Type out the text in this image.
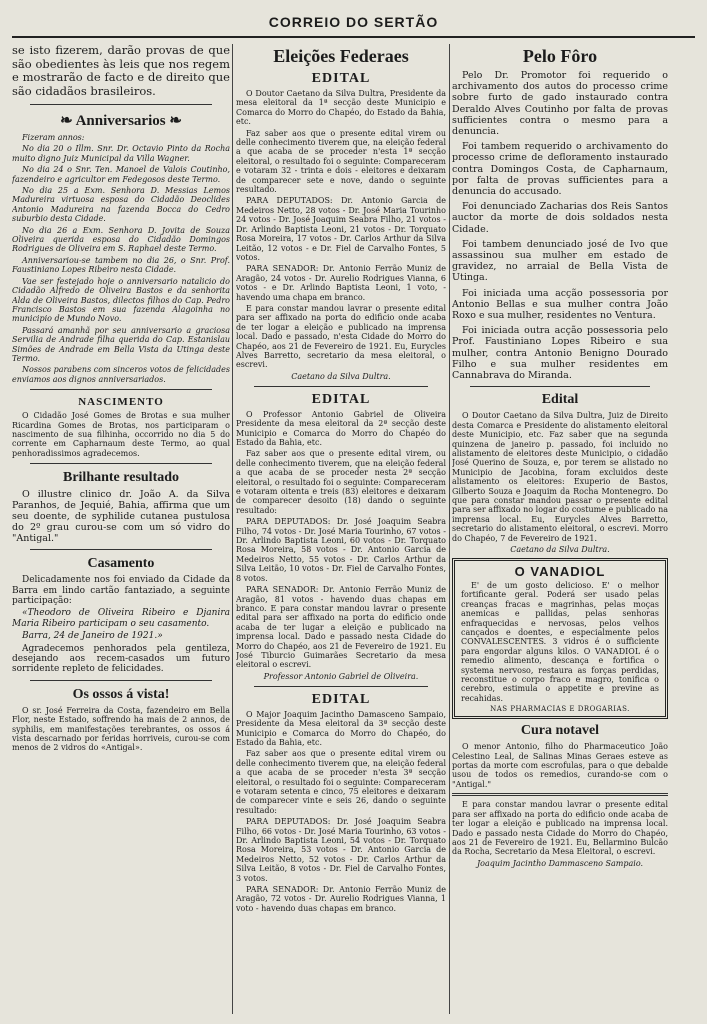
CORREIO DO SERTÃO

se isto fizerem, darão provas de que são obedientes às leis que nos regem e mostrarão de facto e de direito que são cidadãos brasileiros.

❧ Anniversarios ❧

Fizeram annos:

No dia 20 o Illm. Snr. Dr. Octavio Pinto da Rocha muito digno Juiz Municipal da Villa Wagner.

No dia 24 o Snr. Ten. Manoel de Valois Coutinho, fazendeiro e agricultor em Fedegosos deste Termo.

No dia 25 a Exm. Senhora D. Messias Lemos Madureira virtuosa esposa do Cidadão Deoclides Antonio Madureira na fazenda Bocca do Cedro suburbio desta Cidade.

No dia 26 a Exm. Senhora D. Jovita de Souza Oliveira querida esposa do Cidadão Domingos Rodrigues de Oliveira em S. Raphael deste Termo.

Anniversariou-se tambem no dia 26, o Snr. Prof. Faustiniano Lopes Ribeiro nesta Cidade.

Vae ser festejado hoje o anniversario natalicio do Cidadão Alfredo de Oliveira Bastos e da senhorita Alda de Oliveira Bastos, dilectos filhos do Cap. Pedro Francisco Bastos em sua fazenda Alagoinha no municipio de Mundo Novo.

Passará amanhã por seu anniversario a graciosa Servilia de Andrade filha querida do Cap. Estanislau Simões de Andrade em Bella Vista da Utinga deste Termo.

Nossos parabens com sinceros votos de felicidades enviamos aos dignos anniversariados.

NASCIMENTO

O Cidadão José Gomes de Brotas e sua mulher Ricardina Gomes de Brotas, nos participaram o nascimento de sua filhinha, occorrido no dia 5 do corrente em Capharnaum deste Termo, ao qual penhoradissimos agradecemos.

Brilhante resultado

O illustre clinico dr. João A. da Silva Paranhos, de Jequié, Bahia, affirma que um seu doente, de syphilide cutanea pustulosa do 2º grau curou-se com um só vidro do "Antigal."

Casamento

Delicadamente nos foi enviado da Cidade da Barra em lindo cartão fantaziado, a seguinte participação:

«Theodoro de Oliveira Ribeiro e Djanira Maria Ribeiro participam o seu casamento.

Barra, 24 de Janeiro de 1921.»

Agradecemos penhorados pela gentileza, desejando aos recem-casados um futuro sorridente repleto de felicidades.

Os ossos á vista!

O sr. José Ferreira da Costa, fazendeiro em Bella Flor, neste Estado, soffrendo ha mais de 2 annos, de syphilis, em manifestações terebrantes, os ossos á vista descarnado por feridas horriveis, curou-se com menos de 2 vidros do «Antigal».

Eleições Federaes
EDITAL

O Doutor Caetano da Silva Dultra, Presidente da mesa eleitoral da 1ª secção deste Municipio e Comarca do Morro do Chapéo, do Estado da Bahia, etc.

Faz saber aos que o presente edital virem ou delle conhecimento tiverem que, na eleição federal a que acaba de se proceder n'esta 1ª secção eleitoral, o resultado foi o seguinte: Compareceram e votaram 32 - trinta e dois - eleitores e deixaram de comparecer sete e nove, dando o seguinte resultado.

PARA DEPUTADOS: Dr. Antonio Garcia de Medeiros Netto, 28 votos - Dr. José Maria Tourinho 24 votos - Dr. José Joaquim Seabra Filho, 21 votos - Dr. Arlindo Baptista Leoni, 21 votos - Dr. Torquato Rosa Moreira, 17 votos - Dr. Carlos Arthur da Silva Leitão, 12 votos - e Dr. Fiel de Carvalho Fontes, 5 votos.

PARA SENADOR: Dr. Antonio Ferrão Muniz de Aragão, 24 votos - Dr. Aurelio Rodrigues Vianna, 6 votos - e Dr. Arlindo Baptista Leoni, 1 voto, - havendo uma chapa em branco.

E para constar mandou lavrar o presente edital para ser affixado na porta do edificio onde acaba de ter logar a eleição e publicado na imprensa local. Dado e passado, n'esta Cidade do Morro do Chapéo, aos 21 de Fevereiro de 1921. Eu, Eurycles Alves Barretto, secretario da mesa eleitoral, o escrevi.

Caetano da Silva Dultra.
EDITAL

O Professor Antonio Gabriel de Oliveira Presidente da mesa eleitoral da 2ª secção deste Municipio e Comarca do Morro do Chapéo do Estado da Bahia, etc.

Faz saber aos que o presente edital virem, ou delle conhecimento tiverem, que na eleição federal a que acaba de se proceder nesta 2ª secção eleitoral, o resultado foi o seguinte: Compareceram e votaram oitenta e treis (83) eleitores e deixaram de comparecer desoito (18) dando o seguinte resultado:

PARA DEPUTADOS: Dr. José Joaquim Seabra Filho, 74 votos - Dr. José Maria Tourinho, 67 votos - Dr. Arlindo Baptista Leoni, 60 votos - Dr. Torquato Rosa Moreira, 58 votos - Dr. Antonio Garcia de Medeiros Netto, 55 votos - Dr. Carlos Arthur da Silva Leitão, 10 votos - Dr. Fiel de Carvalho Fontes, 8 votos.

PARA SENADOR: Dr. Antonio Ferrão Muniz de Aragão, 81 votos - havendo duas chapas em branco. E para constar mandou lavrar o presente edital para ser affixado na porta do edificio onde acaba de ter lugar a eleição e publicado na imprensa local. Dado e passado nesta Cidade do Morro do Chapéo, aos 21 de Fevereiro de 1921. Eu José Tiburcio Guimarães Secretario da mesa eleitoral o escrevi.

Professor Antonio Gabriel de Oliveira.
EDITAL

O Major Joaquim Jacintho Damasceno Sampaio, Presidente da Mesa eleitoral da 3ª secção deste Municipio e Comarca do Morro do Chapéo, do Estado da Bahia, etc.

Faz saber aos que o presente edital virem ou delle conhecimento tiverem que, na eleição federal a que acaba de se proceder n'esta 3ª secção eleitoral, o resultado foi o seguinte: Compareceram e votaram setenta e cinco, 75 eleitores e deixaram de comparecer vinte e seis 26, dando o seguinte resultado:

PARA DEPUTADOS: Dr. José Joaquim Seabra Filho, 66 votos - Dr. José Maria Tourinho, 63 votos - Dr. Arlindo Baptista Leoni, 54 votos - Dr. Torquato Rosa Moreira, 53 votos - Dr. Antonio Garcia de Medeiros Netto, 52 votos - Dr. Carlos Arthur da Silva Leitão, 8 votos - Dr. Fiel de Carvalho Fontes, 3 votos.

PARA SENADOR: Dr. Antonio Ferrão Muniz de Aragão, 72 votos - Dr. Aurelio Rodrigues Vianna, 1 voto - havendo duas chapas em branco.

Pelo Fôro

Pelo Dr. Promotor foi requerido o archivamento dos autos do processo crime sobre furto de gado instaurado contra Deraldo Alves Coutinho por falta de provas sufficientes contra o mesmo para a denuncia.

Foi tambem requerido o archivamento do processo crime de defloramento instaurado contra Domingos Costa, de Capharnaum, por falta de provas sufficientes para a denuncia do accusado.

Foi denunciado Zacharias dos Reis Santos auctor da morte de dois soldados nesta Cidade.

Foi tambem denunciado josé de Ivo que assassinou sua mulher em estado de gravidez, no arraial de Bella Vista de Utinga.

Foi iniciada uma acção possessoria por Antonio Bellas e sua mulher contra João Roxo e sua mulher, residentes no Ventura.

Foi iniciada outra acção possessoria pelo Prof. Faustiniano Lopes Ribeiro e sua mulher, contra Antonio Benigno Dourado Filho e sua mulher residentes em Cannabrava do Miranda.

Edital

O Doutor Caetano da Silva Dultra, Juiz de Direito desta Comarca e Presidente do alistamento eleitoral deste Municipio, etc. Faz saber que na segunda quinzena de janeiro p. passado, foi incluido no alistamento de eleitores deste Municipio, o cidadão José Querino de Souza, e, por terem se alistado no Municipio de Jacobina, foram excluidos deste alistamento os eleitores: Exuperio de Bastos, Gilberto Souza e Joaquim da Rocha Montenegro. Do que para constar mandou passar o presente edital para ser affixado no logar do costume e publicado na imprensa local. Eu, Eurycles Alves Barretto, secretario do alistamento eleitoral, o escrevi. Morro do Chapéo, 7 de Fevereiro de 1921.

Caetano da Silva Dultra.
O VANADIOL

E' de um gosto delicioso. E' o melhor fortificante geral. Poderá ser usado pelas creanças fracas e magrinhas, pelas moças anemicas e pallidas, pelas senhoras enfraquecidas e nervosas, pelos velhos cançados e doentes, e especialmente pelos CONVALESCENTES. 3 vidros é o sufficiente para engordar alguns kilos. O VANADIOL é o remedio alimento, descança e fortifica o systema nervoso, restaura as forças perdidas, reconstitue o corpo fraco e magro, tonifica o cerebro, estimula o appetite e previne as recahidas.

NAS PHARMACIAS E DROGARIAS.
Cura notavel

O menor Antonio, filho do Pharmaceutico João Celestino Leal, de Salinas Minas Geraes esteve as portas da morte com escrofulas, para o que debalde usou de todos os remedios, curando-se com o "Antigal."

E para constar mandou lavrar o presente edital para ser affixado na porta do edificio onde acaba de ter logar a eleição e publicado na imprensa local. Dado e passado nesta Cidade do Morro do Chapéo, aos 21 de Fevereiro de 1921. Eu, Bellarmino Bulcão da Rocha, Secretario da Mesa Eleitoral, o escrevi.

Joaquim Jacintho Dammasceno Sampaio.
